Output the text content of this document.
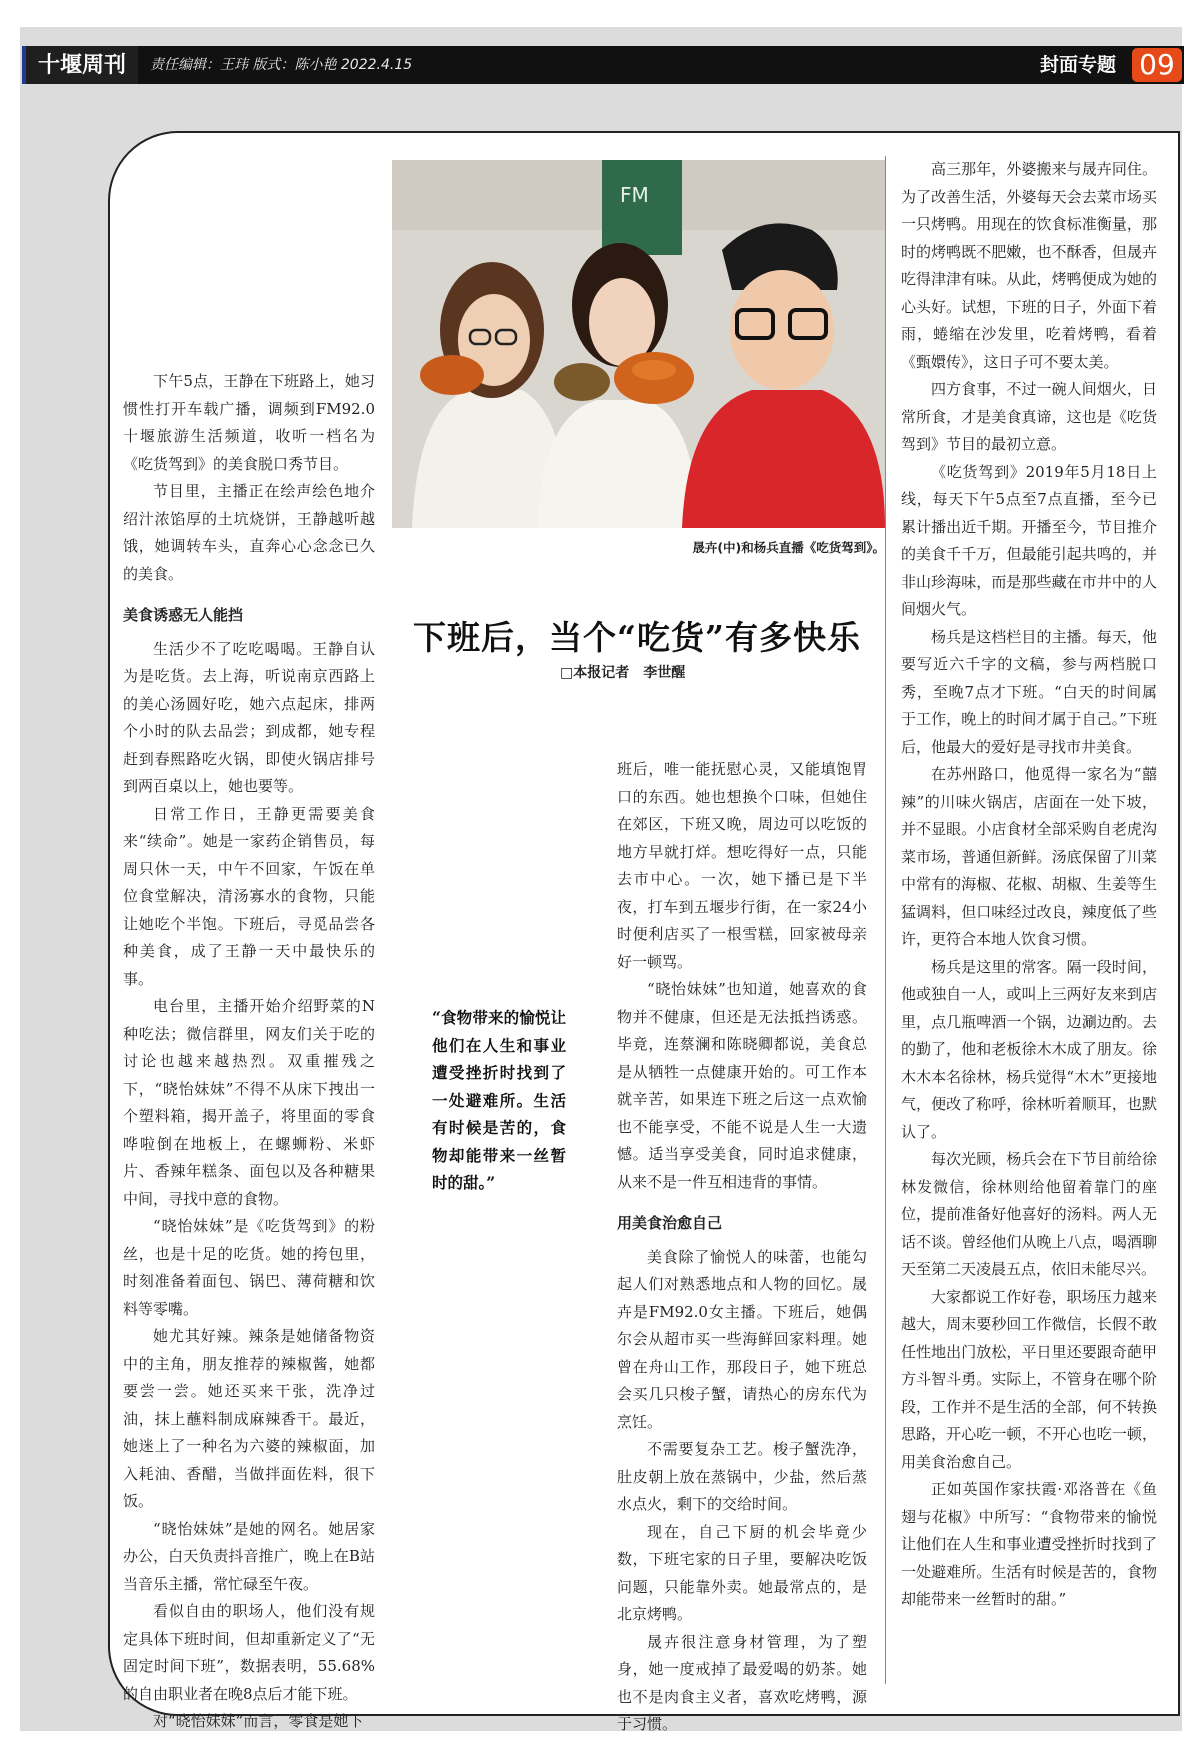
十堰周刊	责任编辑：王玮 版式：陈小艳 2022.4.15	封面专题 09

下午5点，王静在下班路上，她习惯性打开车载广播，调频到FM92.0十堰旅游生活频道，收听一档名为《吃货驾到》的美食脱口秀节目。

节目里，主播正在绘声绘色地介绍汁浓馅厚的土坑烧饼，王静越听越饿，她调转车头，直奔心心念念已久的美食。

美食诱惑无人能挡

生活少不了吃吃喝喝。王静自认为是吃货。去上海，听说南京西路上的美心汤圆好吃，她六点起床，排两个小时的队去品尝；到成都，她专程赶到春熙路吃火锅，即使火锅店排号到两百桌以上，她也要等。

日常工作日，王静更需要美食来“续命”。她是一家药企销售员，每周只休一天，中午不回家，午饭在单位食堂解决，清汤寡水的食物，只能让她吃个半饱。下班后，寻觅品尝各种美食，成了王静一天中最快乐的事。

电台里，主播开始介绍野菜的N种吃法；微信群里，网友们关于吃的讨论也越来越热烈。双重摧残之下，“晓怡妹妹”不得不从床下拽出一个塑料箱，揭开盖子，将里面的零食哗啦倒在地板上，在螺蛳粉、米虾片、香辣年糕条、面包以及各种糖果中间，寻找中意的食物。

“晓怡妹妹”是《吃货驾到》的粉丝，也是十足的吃货。她的挎包里，时刻准备着面包、锅巴、薄荷糖和饮料等零嘴。

她尤其好辣。辣条是她储备物资中的主角，朋友推荐的辣椒酱，她都要尝一尝。她还买来干张，洗净过油，抹上蘸料制成麻辣香干。最近，她迷上了一种名为六婆的辣椒面，加入耗油、香醋，当做拌面佐料，很下饭。

“晓怡妹妹”是她的网名。她居家办公，白天负责抖音推广，晚上在B站当音乐主播，常忙碌至午夜。

看似自由的职场人，他们没有规定具体下班时间，但却重新定义了“无固定时间下班”，数据表明，55.68%的自由职业者在晚8点后才能下班。

对“晓怡妹妹”而言，零食是她下

FM
晟卉(中)和杨兵直播《吃货驾到》。
下班后，当个“吃货”有多快乐
□本报记者　李世醒
“食物带来的愉悦让他们在人生和事业遭受挫折时找到了一处避难所。生活有时候是苦的，食物却能带来一丝暂时的甜。”

班后，唯一能抚慰心灵，又能填饱胃口的东西。她也想换个口味，但她住在郊区，下班又晚，周边可以吃饭的地方早就打烊。想吃得好一点，只能去市中心。一次，她下播已是下半夜，打车到五堰步行街，在一家24小时便利店买了一根雪糕，回家被母亲好一顿骂。

“晓怡妹妹”也知道，她喜欢的食物并不健康，但还是无法抵挡诱惑。毕竟，连蔡澜和陈晓卿都说，美食总是从牺牲一点健康开始的。可工作本就辛苦，如果连下班之后这一点欢愉也不能享受，不能不说是人生一大遗憾。适当享受美食，同时追求健康，从来不是一件互相违背的事情。

用美食治愈自己

美食除了愉悦人的味蕾，也能勾起人们对熟悉地点和人物的回忆。晟卉是FM92.0女主播。下班后，她偶尔会从超市买一些海鲜回家料理。她曾在舟山工作，那段日子，她下班总会买几只梭子蟹，请热心的房东代为烹饪。

不需要复杂工艺。梭子蟹洗净，肚皮朝上放在蒸锅中，少盐，然后蒸水点火，剩下的交给时间。

现在，自己下厨的机会毕竟少数，下班宅家的日子里，要解决吃饭问题，只能靠外卖。她最常点的，是北京烤鸭。

晟卉很注意身材管理，为了塑身，她一度戒掉了最爱喝的奶茶。她也不是肉食主义者，喜欢吃烤鸭，源于习惯。

高三那年，外婆搬来与晟卉同住。为了改善生活，外婆每天会去菜市场买一只烤鸭。用现在的饮食标准衡量，那时的烤鸭既不肥嫩，也不酥香，但晟卉吃得津津有味。从此，烤鸭便成为她的心头好。试想，下班的日子，外面下着雨，蜷缩在沙发里，吃着烤鸭，看着《甄嬛传》，这日子可不要太美。

四方食事，不过一碗人间烟火，日常所食，才是美食真谛，这也是《吃货驾到》节目的最初立意。

《吃货驾到》2019年5月18日上线，每天下午5点至7点直播，至今已累计播出近千期。开播至今，节目推介的美食千千万，但最能引起共鸣的，并非山珍海味，而是那些藏在市井中的人间烟火气。

杨兵是这档栏目的主播。每天，他要写近六千字的文稿，参与两档脱口秀，至晚7点才下班。“白天的时间属于工作，晚上的时间才属于自己。”下班后，他最大的爱好是寻找市井美食。

在苏州路口，他觅得一家名为“囍辣”的川味火锅店，店面在一处下坡，并不显眼。小店食材全部采购自老虎沟菜市场，普通但新鲜。汤底保留了川菜中常有的海椒、花椒、胡椒、生姜等生猛调料，但口味经过改良，辣度低了些许，更符合本地人饮食习惯。

杨兵是这里的常客。隔一段时间，他或独自一人，或叫上三两好友来到店里，点几瓶啤酒一个锅，边涮边酌。去的勤了，他和老板徐木木成了朋友。徐木木本名徐林，杨兵觉得“木木”更接地气，便改了称呼，徐林听着顺耳，也默认了。

每次光顾，杨兵会在下节目前给徐林发微信，徐林则给他留着靠门的座位，提前准备好他喜好的汤料。两人无话不谈。曾经他们从晚上八点，喝酒聊天至第二天凌晨五点，依旧未能尽兴。

大家都说工作好卷，职场压力越来越大，周末要秒回工作微信，长假不敢任性地出门放松，平日里还要跟奇葩甲方斗智斗勇。实际上，不管身在哪个阶段，工作并不是生活的全部，何不转换思路，开心吃一顿，不开心也吃一顿，用美食治愈自己。

正如英国作家扶霞·邓洛普在《鱼翅与花椒》中所写：“食物带来的愉悦让他们在人生和事业遭受挫折时找到了一处避难所。生活有时候是苦的，食物却能带来一丝暂时的甜。”
